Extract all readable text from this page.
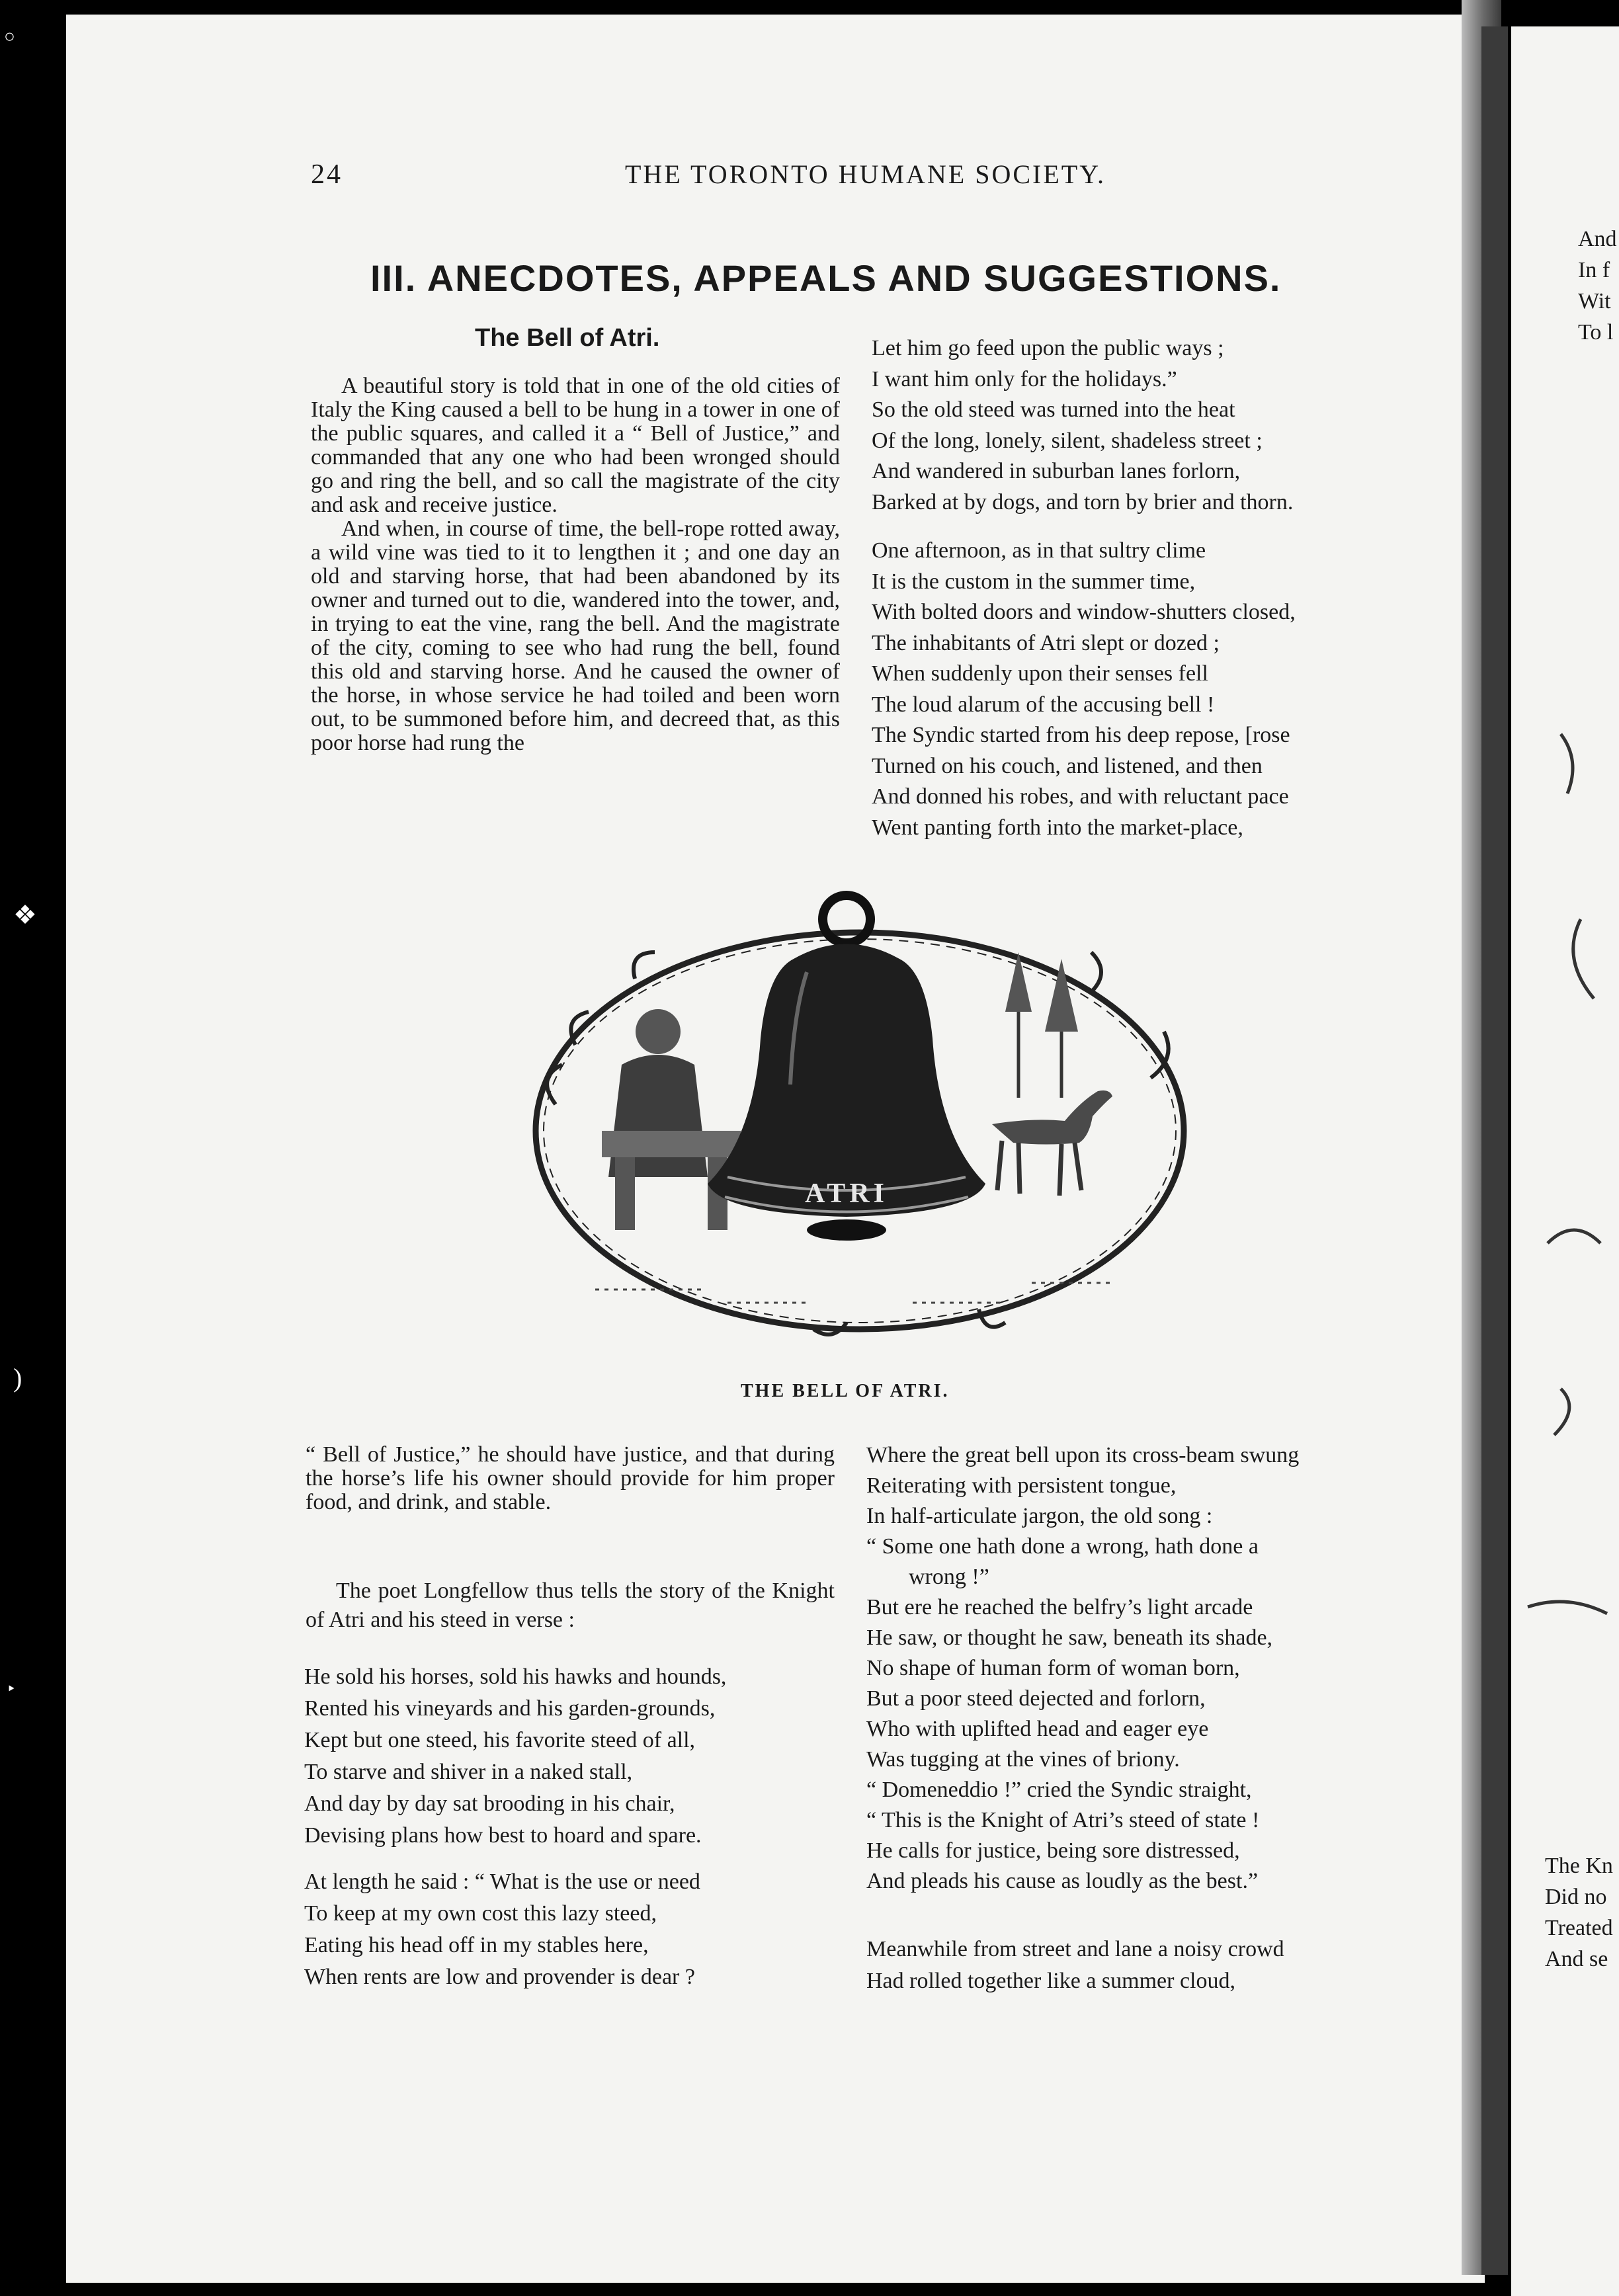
○
❖
)
‣
24	THE TORONTO HUMANE SOCIETY.
III. ANECDOTES, APPEALS AND SUGGESTIONS.
The Bell of Atri.

A beautiful story is told that in one of the old cities of Italy the King caused a bell to be hung in a tower in one of the public squares, and called it a “ Bell of Justice,” and commanded that any one who had been wronged should go and ring the bell, and so call the magistrate of the city and ask and receive justice.

And when, in course of time, the bell-rope rotted away, a wild vine was tied to it to lengthen it ; and one day an old and starving horse, that had been abandoned by its owner and turned out to die, wandered into the tower, and, in trying to eat the vine, rang the bell. And the magistrate of the city, coming to see who had rung the bell, found this old and starving horse. And he caused the owner of the horse, in whose service he had toiled and been worn out, to be summoned before him, and decreed that, as this poor horse had rung the

Let him go feed upon the public ways ;
I want him only for the holidays.”
So the old steed was turned into the heat
Of the long, lonely, silent, shadeless street ;
And wandered in suburban lanes forlorn,
Barked at by dogs, and torn by brier and thorn.
One afternoon, as in that sultry clime
It is the custom in the summer time,
With bolted doors and window-shutters closed,
The inhabitants of Atri slept or dozed ;
When suddenly upon their senses fell
The loud alarum of the accusing bell !
The Syndic started from his deep repose, [rose
Turned on his couch, and listened, and then
And donned his robes, and with reluctant pace
Went panting forth into the market-place,
ATRI
THE BELL OF ATRI.

“ Bell of Justice,” he should have justice, and that during the horse’s life his owner should provide for him proper food, and drink, and stable.

The poet Longfellow thus tells the story of the Knight of Atri and his steed in verse :

He sold his horses, sold his hawks and hounds,
Rented his vineyards and his garden-grounds,
Kept but one steed, his favorite steed of all,
To starve and shiver in a naked stall,
And day by day sat brooding in his chair,
Devising plans how best to hoard and spare.
At length he said : “ What is the use or need
To keep at my own cost this lazy steed,
Eating his head off in my stables here,
When rents are low and provender is dear ?
Where the great bell upon its cross-beam swung
Reiterating with persistent tongue,
In half-articulate jargon, the old song :
“ Some one hath done a wrong, hath done a
wrong !”
But ere he reached the belfry’s light arcade
He saw, or thought he saw, beneath its shade,
No shape of human form of woman born,
But a poor steed dejected and forlorn,
Who with uplifted head and eager eye
Was tugging at the vines of briony.
“ Domeneddio !” cried the Syndic straight,
“ This is the Knight of Atri’s steed of state !
He calls for justice, being sore distressed,
And pleads his cause as loudly as the best.”
Meanwhile from street and lane a noisy crowd
Had rolled together like a summer cloud,
And
In f
Wit
To l
The Kn
Did no
Treated
And se
